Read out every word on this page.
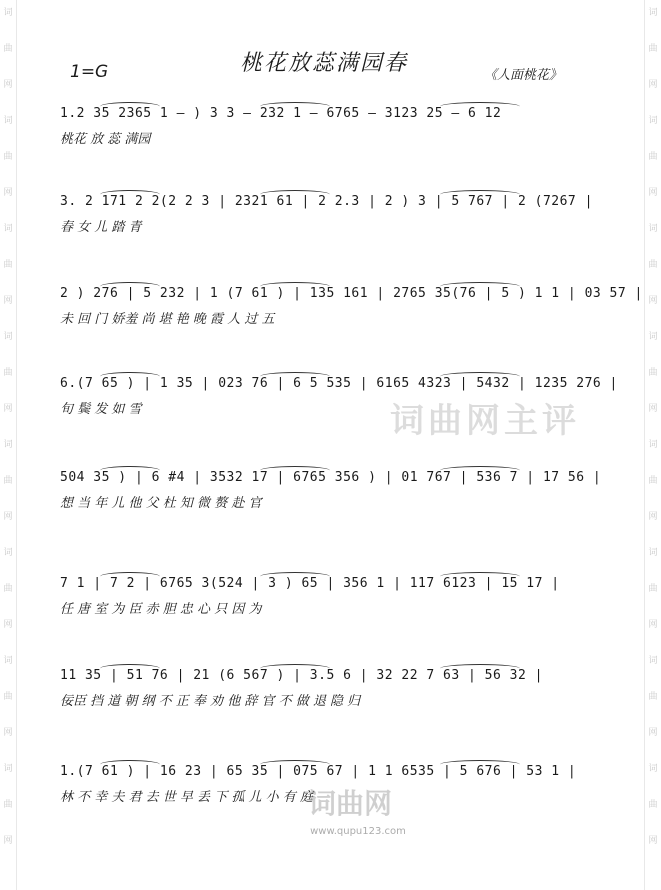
词
曲
网
词
曲
网
词
曲
网
词
曲
网
词
曲
网
词
曲
网
词
曲
网
词
曲
网
词
曲
网
词
曲
网
词
曲
网
词
曲
网
词
曲
网
词
曲
网
词
曲
网
词
曲
网
1=G	桃花放蕊满园春	《人面桃花》
1.2 35 2365 1 — ) 3 3 — 232 1 — 6765 — 3123 25 — 6 12
桃花 放 蕊 满园
3. 2 171 2 2(2 2 3 | 2321 61 | 2 2.3 | 2 ) 3 | 5 767 | 2 (7267 |
春 女 儿 踏 青
2 ) 276 | 5 232 | 1 (7 61 ) | 135 161 | 2765 35(76 | 5 ) 1 1 | 03 57 |
未 回 门 娇羞 尚 堪 艳 晚 霞 人 过 五
6.(7 65 ) | 1 35 | 023 76 | 6 5 535 | 6165 4323 | 5432 | 1235 276 |
旬 鬓 发 如 雪
504 35 ) | 6 #4 | 3532 17 | 6765 356 ) | 01 767 | 536 7 | 17 56 |
想 当 年 儿 他 父 杜 知 微 赘 赴 官
7 1 | 7 2 | 6765 3(524 | 3 ) 65 | 356 1 | 117 6123 | 15 17 |
任 唐 室 为 臣 赤 胆 忠 心 只 因 为
11 35 | 51 76 | 21 (6 567 ) | 3.5 6 | 32 22 7 63 | 56 32 |
佞臣 挡 道 朝 纲 不 正 奉 劝 他 辞 官 不 做 退 隐 归
1.(7 61 ) | 16 23 | 65 35 | 075 67 | 1 1 6535 | 5 676 | 53 1 |
林 不 幸 夫 君 去 世 早 丢 下 孤 儿 小 有 庭
词曲网主评
词曲网
www.qupu123.com
